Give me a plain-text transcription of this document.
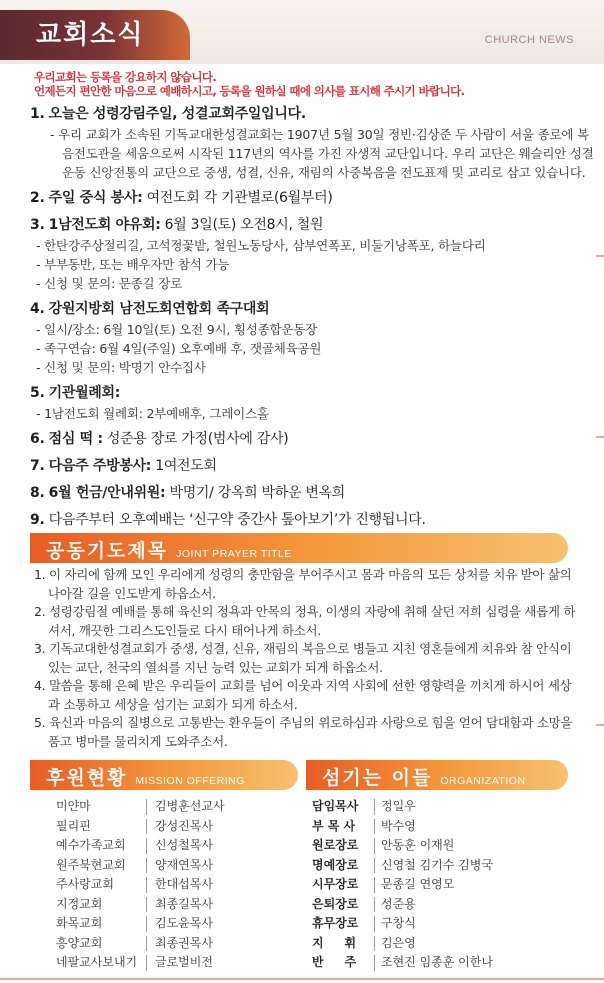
교회소식	CHURCH NEWS
우리교회는 등록을 강요하지 않습니다.
언제든지 편안한 마음으로 예배하시고, 등록을 원하실 때에 의사를 표시해 주시기 바랍니다.
1. 오늘은 성령강림주일, 성결교회주일입니다.
- 우리 교회가 소속된 기독교대한성결교회는 1907년 5월 30일 정빈·김상준 두 사람이 서울 종로에 복음전도관을 세움으로써 시작된 117년의 역사를 가진 자생적 교단입니다. 우리 교단은 웨슬리안 성결운동 신앙전통의 교단으로 중생, 성결, 신유, 재림의 사중복음을 전도표제 및 교리로 삼고 있습니다.
2. 주일 중식 봉사: 여전도회 각 기관별로(6월부터)
3. 1남전도회 야유회: 6월 3일(토) 오전8시, 철원
- 한탄강주상절리길, 고석정꽃밭, 철원노동당사, 삼부연폭포, 비둘기낭폭포, 하늘다리
- 부부동반, 또는 배우자만 참석 가능
- 신청 및 문의: 문종길 장로
4. 강원지방회 남전도회연합회 족구대회
- 일시/장소: 6월 10일(토) 오전 9시, 횡성종합운동장
- 족구연습: 6월 4일(주일) 오후예배 후, 잿골체육공원
- 신청 및 문의: 박명기 안수집사
5. 기관월례회:
- 1남전도회 월례회: 2부예배후, 그레이스홀
6. 점심 떡 : 성준용 장로 가정(범사에 감사)
7. 다음주 주방봉사: 1여전도회
8. 6월 헌금/안내위원: 박명기/ 강옥희 박하운 변옥희
9. 다음주부터 오후예배는 ‘신구약 중간사 톺아보기’가 진행됩니다.
공동기도제목 JOINT PRAYER TITLE
1. 이 자리에 함께 모인 우리에게 성령의 충만함을 부어주시고 몸과 마음의 모든 상처를 치유 받아 삶의 나아갈 길을 인도받게 하옵소서.
2. 성령강림절 예배를 통해 육신의 정욕과 안목의 정욕, 이생의 자랑에 취해 살던 저희 심령을 새롭게 하셔서, 깨끗한 그리스도인들로 다시 태어나게 하소서.
3. 기독교대한성결교회가 중생, 성결, 신유, 재림의 복음으로 병들고 지친 영혼들에게 치유와 참 안식이 있는 교단, 천국의 열쇠를 지닌 능력 있는 교회가 되게 하옵소서.
4. 말씀을 통해 은혜 받은 우리들이 교회를 넘어 이웃과 지역 사회에 선한 영향력을 끼치게 하시어 세상과 소통하고 세상을 섬기는 교회가 되게 하소서.
5. 육신과 마음의 질병으로 고통받는 환우들이 주님의 위로하심과 사랑으로 힘을 얻어 담대함과 소망을 품고 병마를 물리치게 도와주소서.
후원현황 MISSION OFFERING	섬기는 이들 ORGANIZATION
미얀마	김병훈선교사
필리핀	강성진목사
예수가족교회	신성철목사
원주북현교회	양재연목사
주사랑교회	한대섭목사
지정교회	최종길목사
화목교회	김도윤목사
흥양교회	최종권목사
네팔교사보내기 글로벌비전
담임목사	정일우
부 목 사	박수영
원로장로	안동훈 이재원
명예장로	신영철 김기수 김병국
시무장로	문종길 연영모
은퇴장로	성준용
휴무장로	구창식
지     휘	김은영
반     주	조현진 임종훈 이한나
